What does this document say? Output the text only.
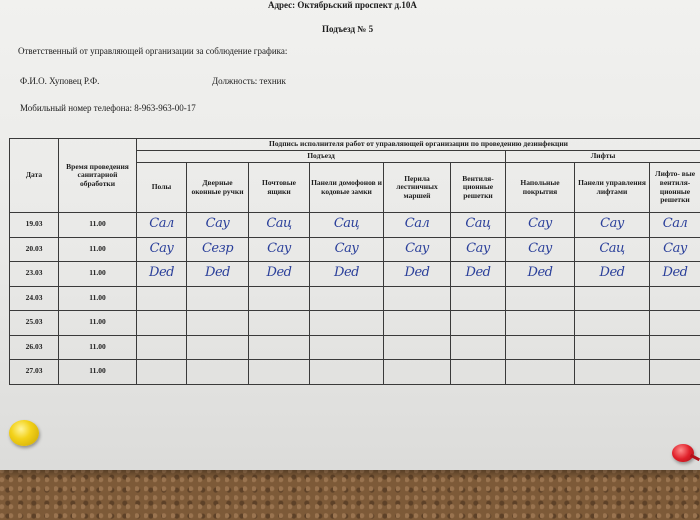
Адрес: Октябрьский проспект д.10А
Подъезд № 5
Ответственный от управляющей организации за соблюдение графика:
Ф.И.О. Хуповец Р.Ф.	Должность: техник
Мобильный номер телефона: 8-963-963-00-17
Дата	Время проведения санитарной обработки	Подпись исполнителя работ от управляющей организации по проведению дезинфекции								
		Подъезд						Лифты		
		Полы	Дверные оконные ручки	Почтовые ящики	Панели домофонов и кодовые замки	Перила лестничных маршей	Вентиля- ционные решетки	Напольные покрытия	Панели управления лифтами	Лифто- вые вентиля- ционные решетки
19.03	11.00	Сал	Сау	Сац	Сац	Сал	Сац	Сау	Сау	Сал
20.03	11.00	Сау	Сезр	Сау	Сау	Сау	Сау	Сау	Сац	Сау
23.03	11.00	Ded	Ded	Ded	Ded	Ded	Ded	Ded	Ded	Ded
24.03	11.00									
25.03	11.00									
26.03	11.00									
27.03	11.00									
